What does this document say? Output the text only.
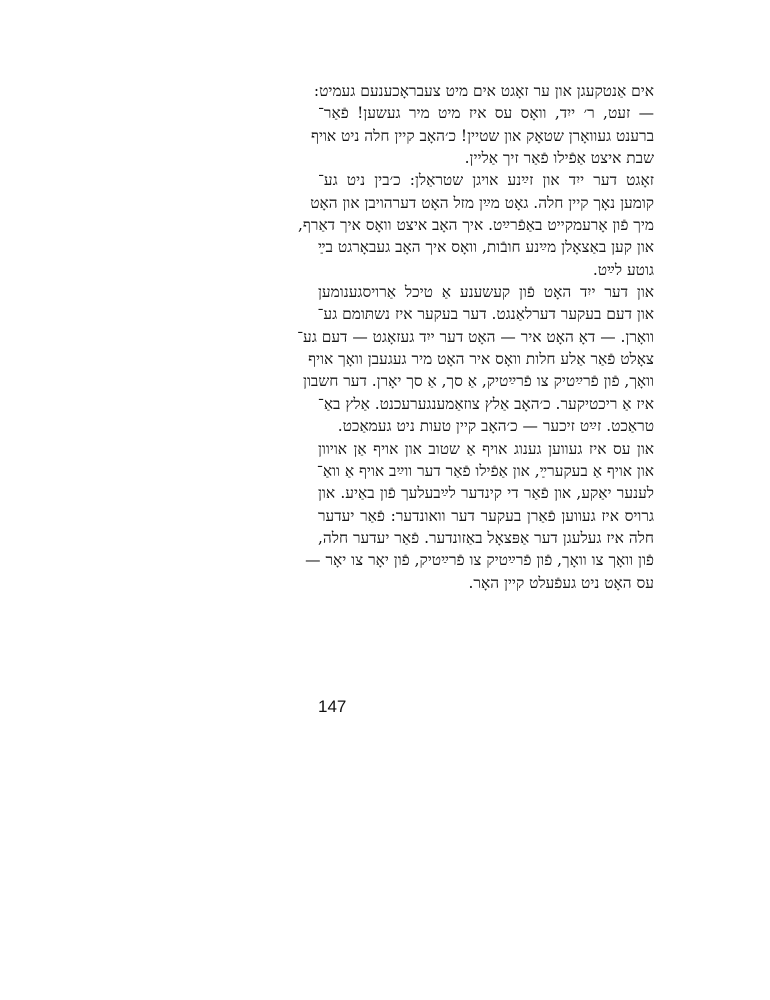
אים אַנטקעגן און ער זאָגט אים מיט צעבראָכענעם געמיט:
— זעט, ר׳ ייִד, וואָס עס איז מיט מיר געשען! פֿאַר־
ברענט געוואָרן שטאָק און שטיין! כ׳האָב קיין חלה ניט אויף
שבת איצט אַפֿילו פֿאַר זיך אַליין.
זאָגט דער ייִד און זײַנע אויגן שטראַלן: כ׳בין ניט גע־
קומען נאָך קיין חלה. גאָט מײַן מזל האָט דערהויבן און האָט
מיך פֿון אָרעמקייט באַפֿרײַט. איך האָב איצט וואָס איך דאַרף,
און קען באַצאָלן מײַנע חובֿות, וואָס איך האָב געבאָרגט בײַ
גוטע לײַט.
און דער ייִד האָט פֿון קעשענע אַ טיכל אַרויסגענומען
און דעם בעקער דערלאַנגט. דער בעקער איז נשתּומם גע־
וואָרן. — דאָ האָט איר — האָט דער ייִד געזאָגט — דעם גע־
צאָלט פֿאַר אַלע חלות וואָס איר האָט מיר געגעבן וואָך אויף
וואָך, פֿון פֿרײַטיק צו פֿרײַטיק, אַ סך, אַ סך יאָרן. דער חשבון
איז אַ ריכטיקער. כ׳האָב אַלץ צוזאַמענגערעכנט. אַלץ באַ־
טראַכט. זײַט זיכער — כ׳האָב קיין טעות ניט געמאַכט.
און עס איז געווען גענוג אויף אַ שטוב און אויף אַן אויוון
און אויף אַ בעקערײַ, און אַפֿילו פֿאַר דער ווײַב אויף אַ וואַ־
לענער יאַקע, און פֿאַר די קינדער לײַבעלעך פֿון באַיע. און
גרויס איז געווען פֿאַרן בעקער דער וואונדער: פֿאַר יעדער
חלה איז געלעגן דער אַפּצאָל באַזונדער. פֿאַר יעדער חלה,
פֿון וואָך צו וואָך, פֿון פֿרײַטיק צו פֿרײַטיק, פֿון יאָר צו יאָר —
עס האָט ניט געפֿעלט קיין האָר.
147
